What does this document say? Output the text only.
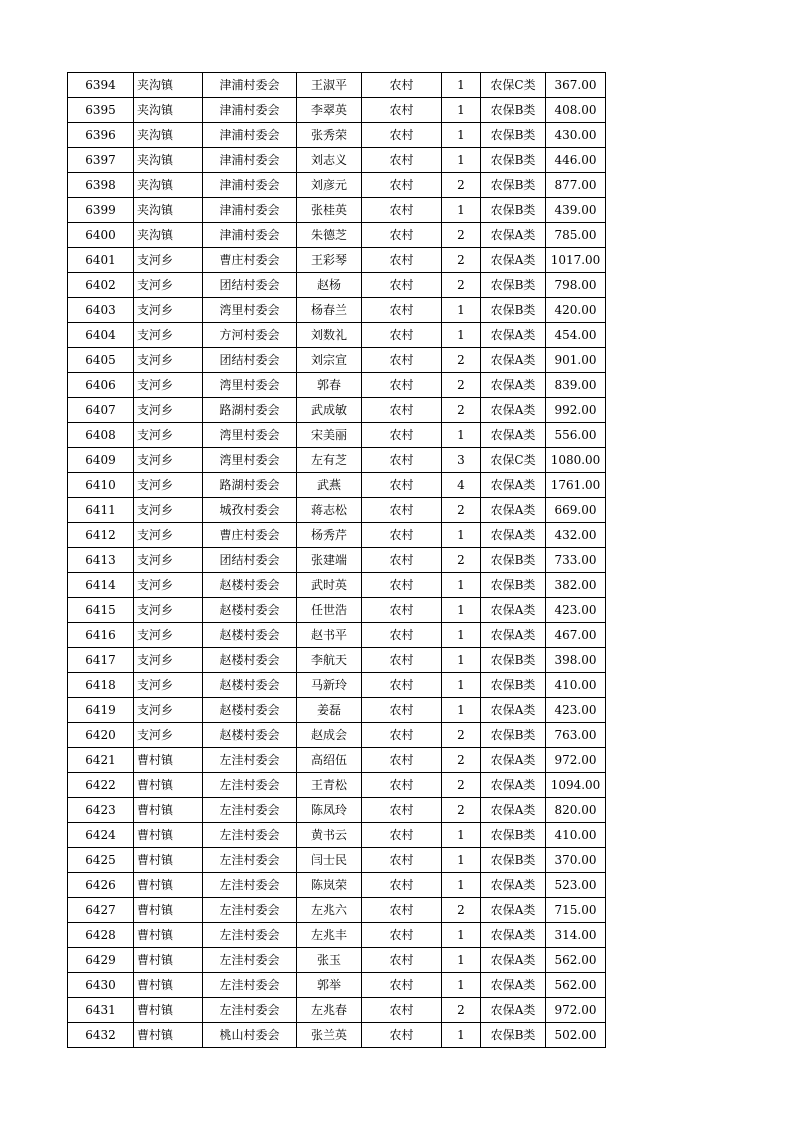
6394	夹沟镇	津浦村委会	王淑平	农村	1	农保C类	367.00
6395	夹沟镇	津浦村委会	李翠英	农村	1	农保B类	408.00
6396	夹沟镇	津浦村委会	张秀荣	农村	1	农保B类	430.00
6397	夹沟镇	津浦村委会	刘志义	农村	1	农保B类	446.00
6398	夹沟镇	津浦村委会	刘彦元	农村	2	农保B类	877.00
6399	夹沟镇	津浦村委会	张桂英	农村	1	农保B类	439.00
6400	夹沟镇	津浦村委会	朱德芝	农村	2	农保A类	785.00
6401	支河乡	曹庄村委会	王彩琴	农村	2	农保A类	1017.00
6402	支河乡	团结村委会	赵杨	农村	2	农保B类	798.00
6403	支河乡	湾里村委会	杨春兰	农村	1	农保B类	420.00
6404	支河乡	方河村委会	刘数礼	农村	1	农保A类	454.00
6405	支河乡	团结村委会	刘宗宣	农村	2	农保A类	901.00
6406	支河乡	湾里村委会	郭春	农村	2	农保A类	839.00
6407	支河乡	路湖村委会	武成敏	农村	2	农保A类	992.00
6408	支河乡	湾里村委会	宋美丽	农村	1	农保A类	556.00
6409	支河乡	湾里村委会	左有芝	农村	3	农保C类	1080.00
6410	支河乡	路湖村委会	武燕	农村	4	农保A类	1761.00
6411	支河乡	城孜村委会	蒋志松	农村	2	农保A类	669.00
6412	支河乡	曹庄村委会	杨秀芹	农村	1	农保A类	432.00
6413	支河乡	团结村委会	张建端	农村	2	农保B类	733.00
6414	支河乡	赵楼村委会	武时英	农村	1	农保B类	382.00
6415	支河乡	赵楼村委会	任世浩	农村	1	农保A类	423.00
6416	支河乡	赵楼村委会	赵书平	农村	1	农保A类	467.00
6417	支河乡	赵楼村委会	李航天	农村	1	农保B类	398.00
6418	支河乡	赵楼村委会	马新玲	农村	1	农保B类	410.00
6419	支河乡	赵楼村委会	姜磊	农村	1	农保A类	423.00
6420	支河乡	赵楼村委会	赵成会	农村	2	农保B类	763.00
6421	曹村镇	左洼村委会	高绍伍	农村	2	农保A类	972.00
6422	曹村镇	左洼村委会	王青松	农村	2	农保A类	1094.00
6423	曹村镇	左洼村委会	陈凤玲	农村	2	农保A类	820.00
6424	曹村镇	左洼村委会	黄书云	农村	1	农保B类	410.00
6425	曹村镇	左洼村委会	闫士民	农村	1	农保B类	370.00
6426	曹村镇	左洼村委会	陈岚荣	农村	1	农保A类	523.00
6427	曹村镇	左洼村委会	左兆六	农村	2	农保A类	715.00
6428	曹村镇	左洼村委会	左兆丰	农村	1	农保A类	314.00
6429	曹村镇	左洼村委会	张玉	农村	1	农保A类	562.00
6430	曹村镇	左洼村委会	郭举	农村	1	农保A类	562.00
6431	曹村镇	左洼村委会	左兆春	农村	2	农保A类	972.00
6432	曹村镇	桃山村委会	张兰英	农村	1	农保B类	502.00
